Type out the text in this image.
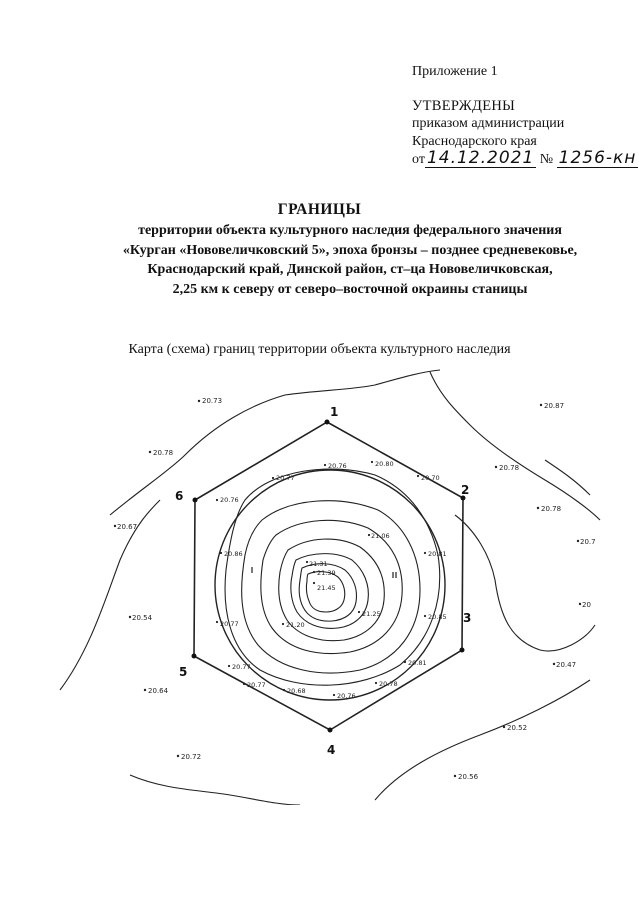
Приложение 1
УТВЕРЖДЕНЫ
приказом администрации
Краснодарского края
от 14.12.2021 № 1256-кн
ГРАНИЦЫ
территории объекта культурного наследия федерального значения
«Курган «Нововеличковский 5», эпоха бронзы – позднее средневековье,
Краснодарский край, Динской район, ст–ца Нововеличковская,
2,25 км к северу от северо–восточной окраины станицы
Карта (схема) границ территории объекта культурного наследия
1
2
3
4
5
6
20.73
20.87
20.78
20.78
20.78
20.67
20.7
20.54
20
20.64
20.47
20.52
20.72
20.56
20.77
20.76
20.80
20.70
20.76
20.86
21.06
20.81
21.31
21.39
21.45
21.25
21.20
20.77
20.85
20.81
20.77
20.77
20.68
20.76
20.78
